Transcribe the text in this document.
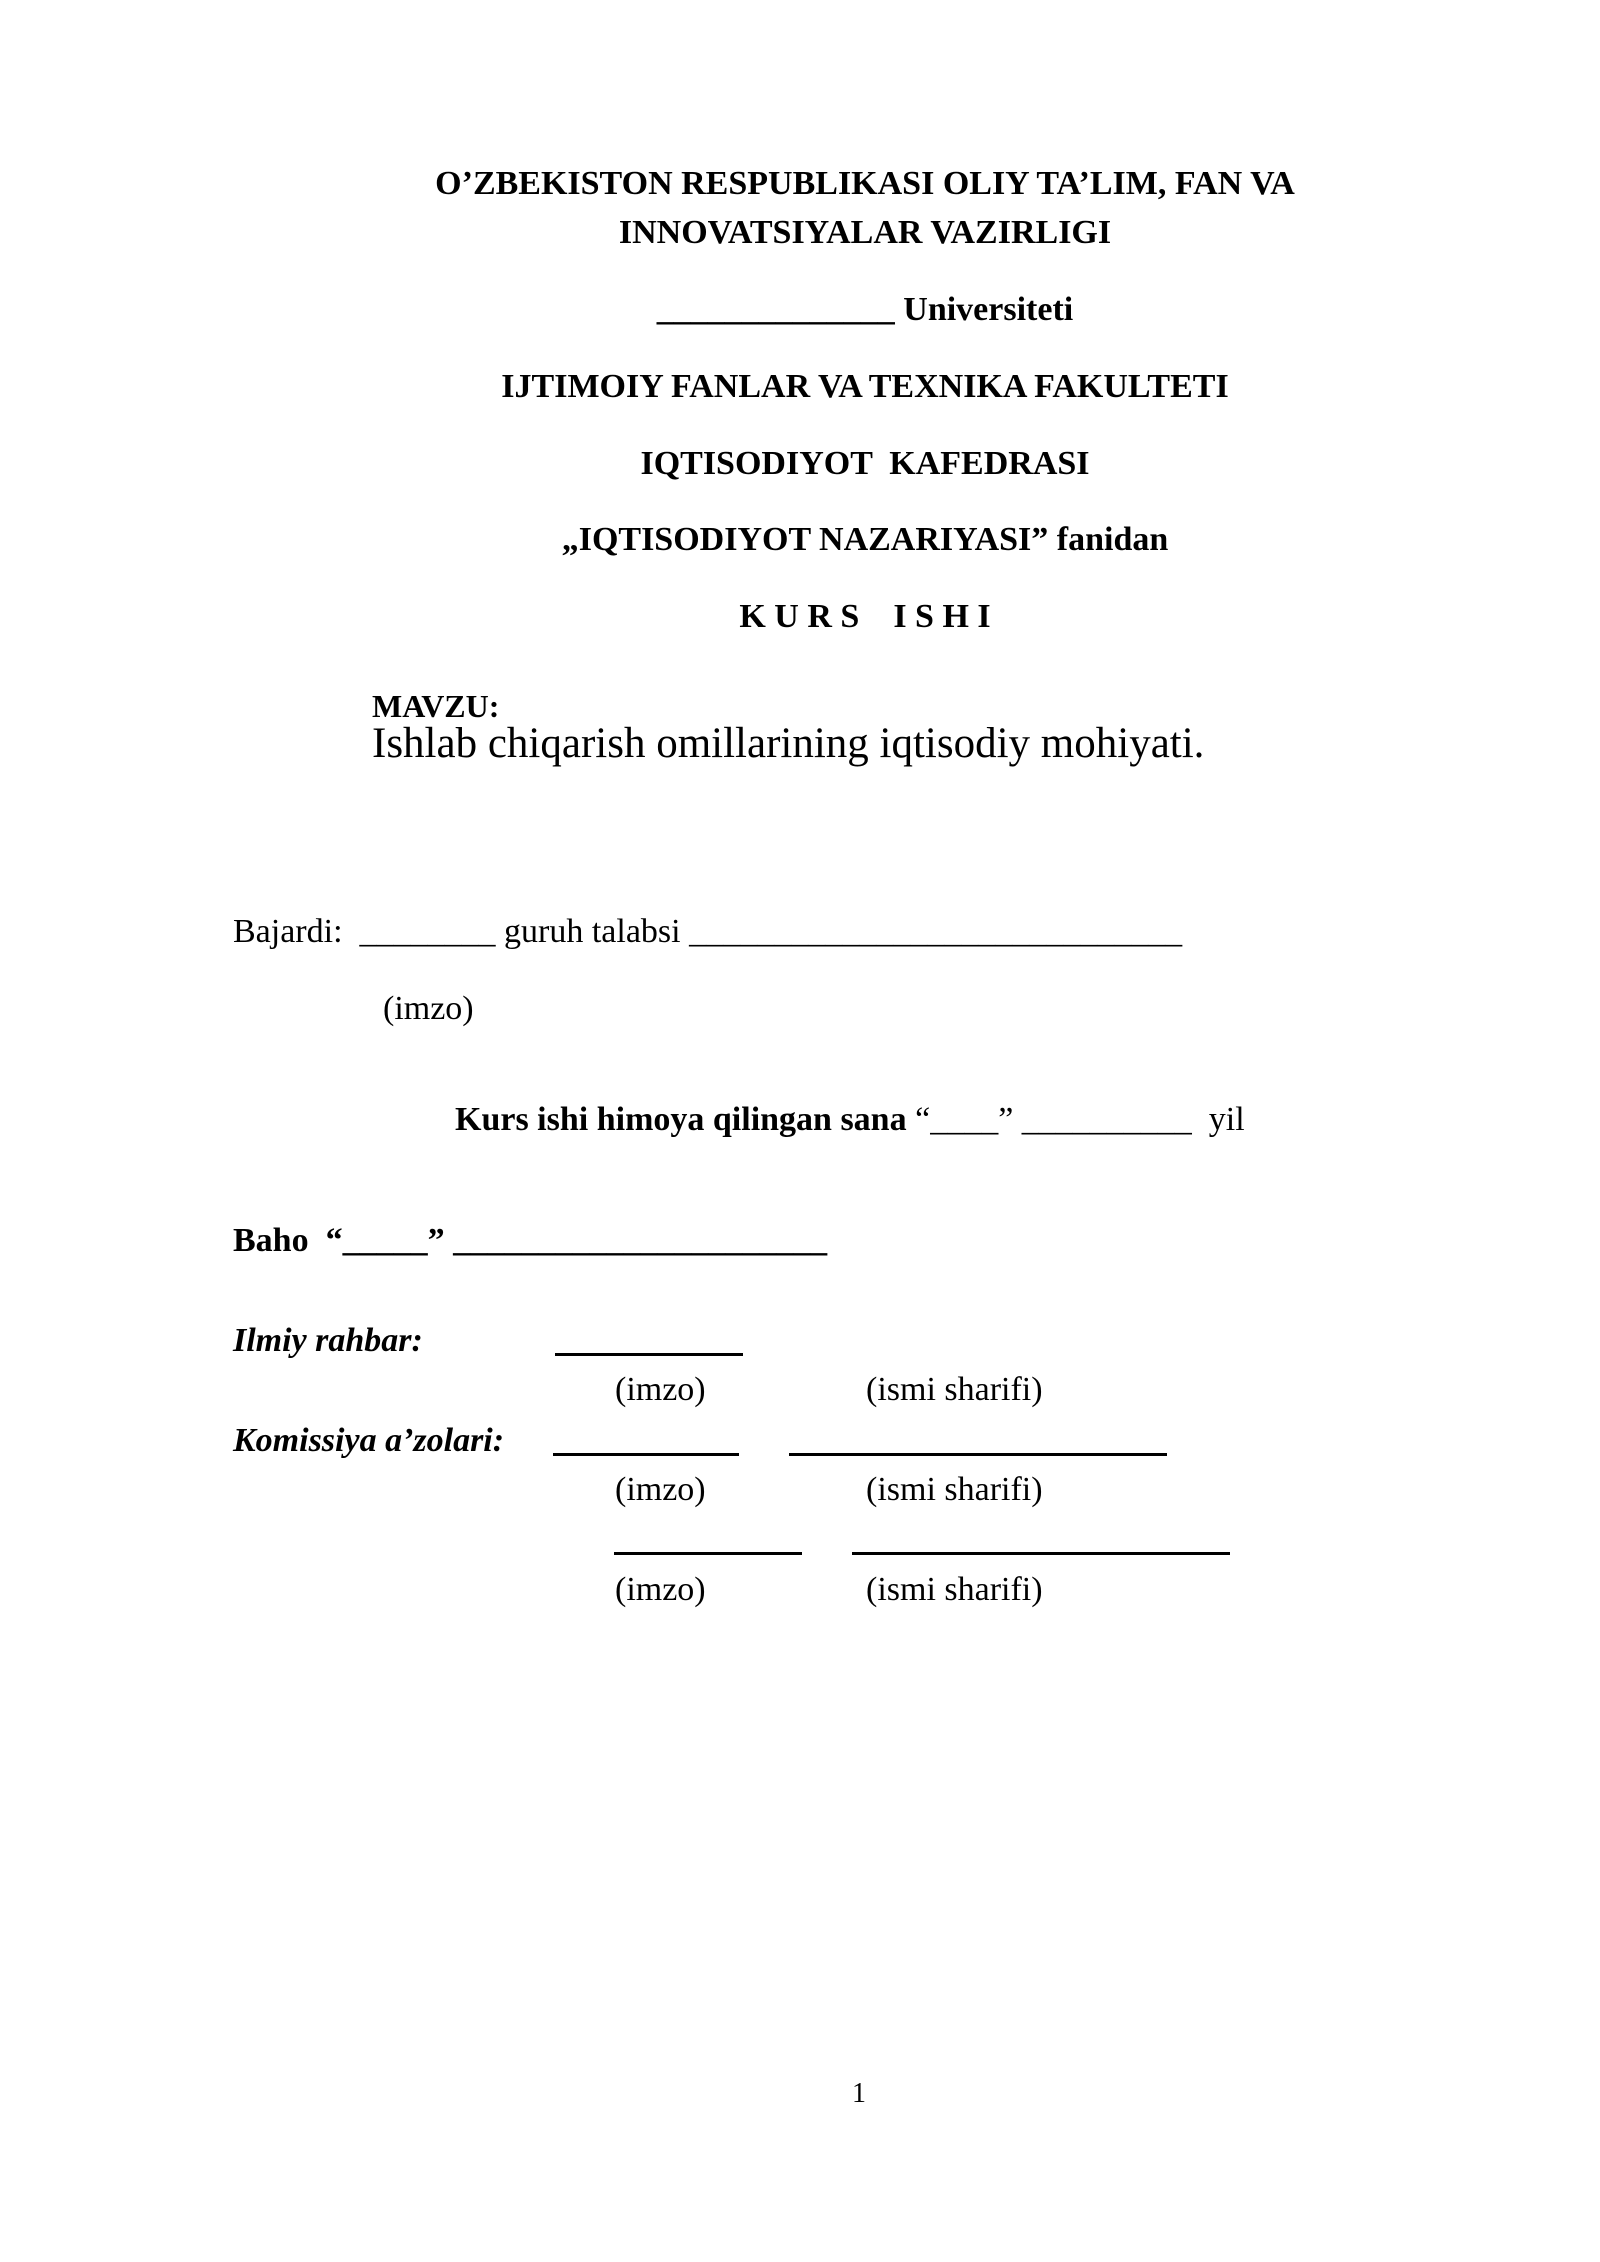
O’ZBEKISTON RESPUBLIKASI OLIY TA’LIM, FAN VA
INNOVATSIYALAR VAZIRLIGI
______________ Universiteti
IJTIMOIY FANLAR VA TEXNIKA FAKULTETI
IQTISODIYOT  KAFEDRASI
„IQTISODIYOT NAZARIYASI” fanidan
K U R S    I S H I

MAVZU:
Ishlab chiqarish omillarining iqtisodiy mohiyati.

Bajardi:  ________ guruh talabsi _____________________________
(imzo)

Kurs ishi himoya qilingan sana “____” __________  yil

Baho  “_____” ______________________
Ilmiy rahbar:
(imzo)	(ismi sharifi)
Komissiya a’zolari:
(imzo)	(ismi sharifi)
(imzo)	(ismi sharifi)
1
